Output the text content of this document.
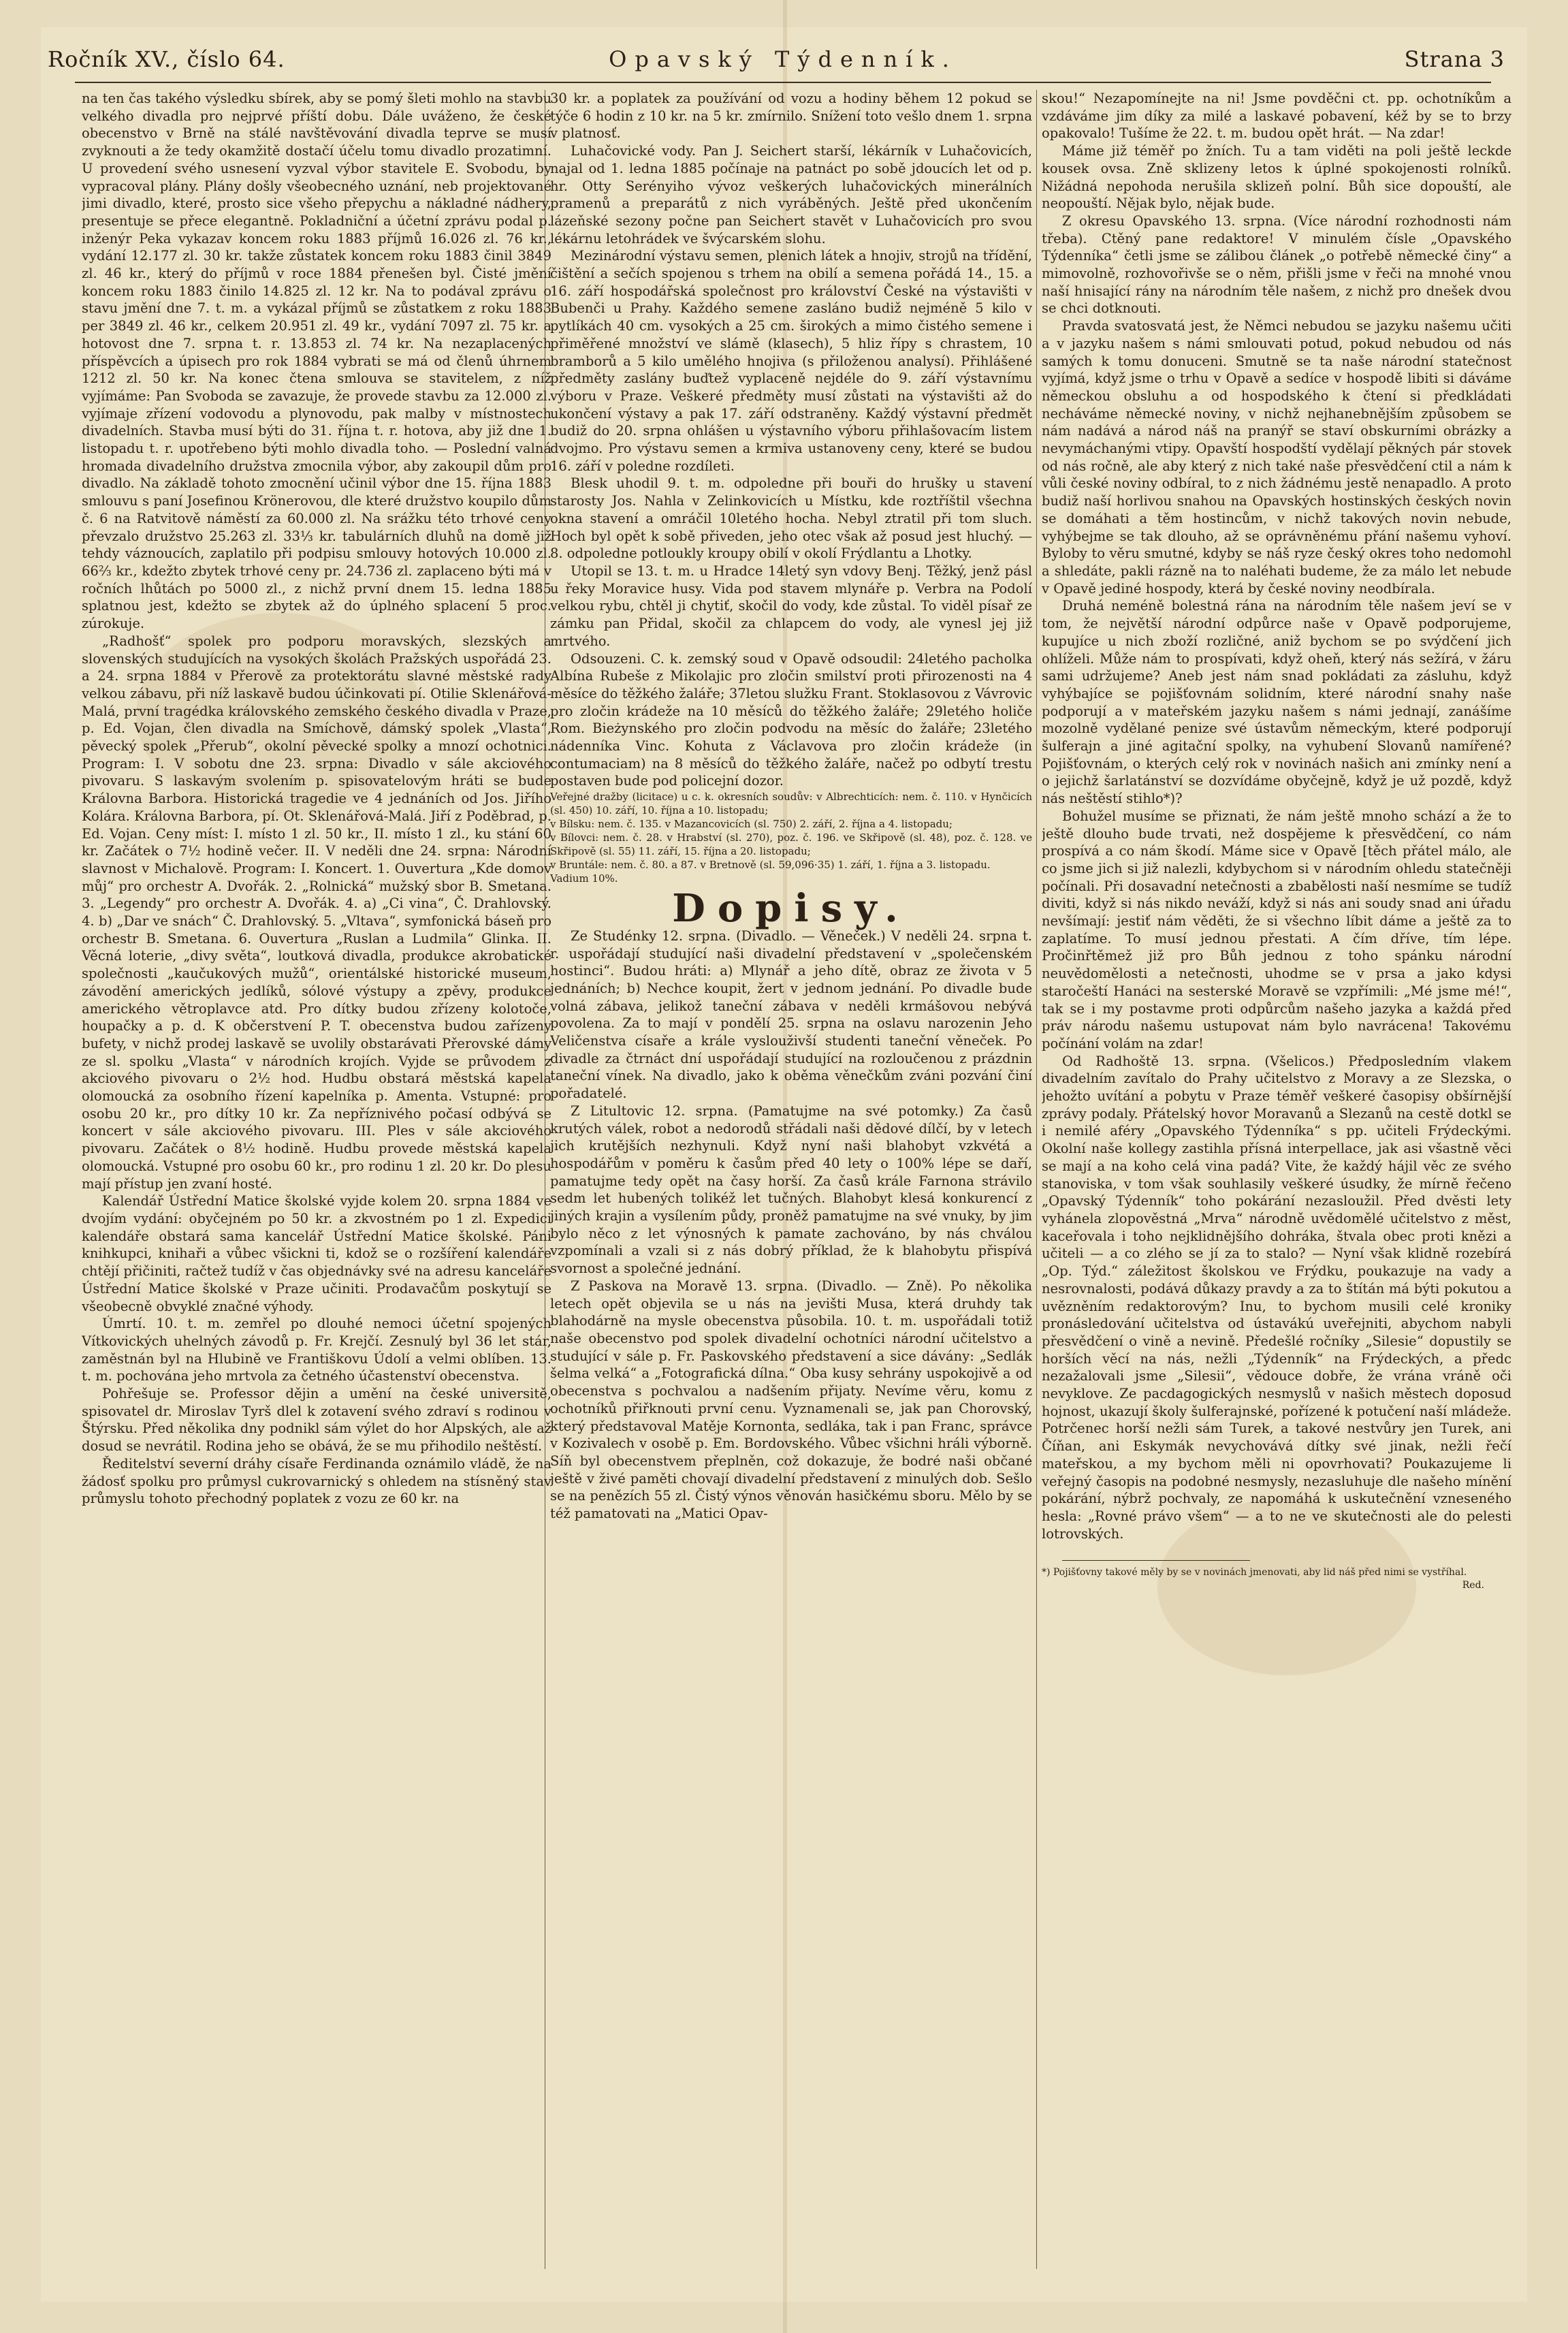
Ročník XV., číslo 64.	Opavský Týdenník.	Strana 3

na ten čas takého výsledku sbírek, aby se pomý šleti mohlo na stavbu velkého divadla pro nejprvé příští dobu. Dále uváženo, že české obecenstvo v Brně na stálé navštěvování divadla teprve se musí zvyknouti a že tedy okamžitě dostačí účelu tomu divadlo prozatimní. U provedení svého usnesení vyzval výbor stavitele E. Svobodu, by vypracoval plány. Plány došly všeobecného uznání, neb projektované jimi divadlo, které, prosto sice všeho přepychu a nákladné nádhery, presentuje se přece elegantně. Pokladniční a účetní zprávu podal p. inženýr Peka vykazav koncem roku 1883 příjmů 16.026 zl. 76 kr., vydání 12.177 zl. 30 kr. takže zůstatek koncem roku 1883 činil 3849 zl. 46 kr., který do příjmů v roce 1884 přenešen byl. Čisté jmění koncem roku 1883 činilo 14.825 zl. 12 kr. Na to podával zprávu o stavu jmění dne 7. t. m. a vykázal příjmů se zůstatkem z roku 1883 per 3849 zl. 46 kr., celkem 20.951 zl. 49 kr., vydání 7097 zl. 75 kr. a hotovost dne 7. srpna t. r. 13.853 zl. 74 kr. Na nezaplacených příspěvcích a úpisech pro rok 1884 vybrati se má od členů úhrnem 1212 zl. 50 kr. Na konec čtena smlouva se stavitelem, z níž vyjímáme: Pan Svoboda se zavazuje, že provede stavbu za 12.000 zl. vyjímaje zřízení vodovodu a plynovodu, pak malby v místnostech divadelních. Stavba musí býti do 31. října t. r. hotova, aby již dne 1. listopadu t. r. upotřebeno býti mohlo divadla toho. — Poslední valná hromada divadelního družstva zmocnila výbor, aby zakoupil dům pro divadlo. Na základě tohoto zmocnění učinil výbor dne 15. října 1883 smlouvu s paní Josefinou Krönerovou, dle které družstvo koupilo dům č. 6 na Ratvitově náměstí za 60.000 zl. Na srážku této trhové ceny převzalo družstvo 25.263 zl. 33⅓ kr. tabulárních dluhů na domě již tehdy váznoucích, zaplatilo při podpisu smlouvy hotových 10.000 zl. 66⅔ kr., kdežto zbytek trhové ceny pr. 24.736 zl. zaplaceno býti má v ročních lhůtách po 5000 zl., z nichž první dnem 15. ledna 1885 splatnou jest, kdežto se zbytek až do úplného splacení 5 proc. zúrokuje.

„Radhošť“ spolek pro podporu moravských, slezských a slovenských studujících na vysokých školách Pražských uspořádá 23. a 24. srpna 1884 v Přerově za protektorátu slavné městské rady velkou zábavu, při níž laskavě budou účinkovati pí. Otilie Sklenářová-Malá, první tragédka královského zemského českého divadla v Praze, p. Ed. Vojan, člen divadla na Smíchově, dámský spolek „Vlasta“, pěvecký spolek „Přerub“, okolní pěvecké spolky a mnozí ochotnici. Program: I. V sobotu dne 23. srpna: Divadlo v sále akciového pivovaru. S laskavým svolením p. spisovatelovým hráti se bude Královna Barbora. Historická tragedie ve 4 jednáních od Jos. Jiřího Kolára. Královna Barbora, pí. Ot. Sklenářová-Malá. Jiří z Poděbrad, p. Ed. Vojan. Ceny míst: I. místo 1 zl. 50 kr., II. místo 1 zl., ku stání 60 kr. Začátek o 7½ hodině večer. II. V neděli dne 24. srpna: Národní slavnost v Michalově. Program: I. Koncert. 1. Ouvertura „Kde domov můj“ pro orchestr A. Dvořák. 2. „Rolnická“ mužský sbor B. Smetana. 3. „Legendy“ pro orchestr A. Dvořák. 4. a) „Ci vina“, Č. Drahlovský. 4. b) „Dar ve snách“ Č. Drahlovský. 5. „Vltava“, symfonická báseň pro orchestr B. Smetana. 6. Ouvertura „Ruslan a Ludmila“ Glinka. II. Věcná loterie, „divy světa“, loutková divadla, produkce akrobatické společnosti „kaučukových mužů“, orientálské historické museum, závodění amerických jedlíků, sólové výstupy a zpěvy, produkce amerického větroplavce atd. Pro dítky budou zřízeny kolotoče, houpačky a p. d. K občerstvení P. T. obecenstva budou zařízeny bufety, v nichž prodej laskavě se uvolily obstarávati Přerovské dámy ze sl. spolku „Vlasta“ v národních krojích. Vyjde se průvodem z akciového pivovaru o 2½ hod. Hudbu obstará městská kapela olomoucká za osobního řízení kapelníka p. Amenta. Vstupné: pro osobu 20 kr., pro dítky 10 kr. Za nepříznivého počasí odbývá se koncert v sále akciového pivovaru. III. Ples v sále akciového pivovaru. Začátek o 8½ hodině. Hudbu provede městská kapela olomoucká. Vstupné pro osobu 60 kr., pro rodinu 1 zl. 20 kr. Do plesu mají přístup jen zvaní hosté.

Kalendář Ústřední Matice školské vyjde kolem 20. srpna 1884 ve dvojím vydání: obyčejném po 50 kr. a zkvostném po 1 zl. Expedici kalendáře obstará sama kancelář Ústřední Matice školské. Páni knihkupci, knihaři a vůbec všickni ti, kdož se o rozšíření kalendáře chtějí přičiniti, račtež tudíž v čas objednávky své na adresu kanceláře Ústřední Matice školské v Praze učiniti. Prodavačům poskytují se všeobecně obvyklé značné výhody.

Úmrtí. 10. t. m. zemřel po dlouhé nemoci účetní spojených Vítkovických uhelných závodů p. Fr. Krejčí. Zesnulý byl 36 let stár, zaměstnán byl na Hlubině ve Františkovu Údolí a velmi oblíben. 13. t. m. pochována jeho mrtvola za četného účastenství obecenstva.

Pohřešuje se. Professor dějin a umění na české universitě, spisovatel dr. Miroslav Tyrš dlel k zotavení svého zdraví s rodinou v Štýrsku. Před několika dny podnikl sám výlet do hor Alpských, ale až dosud se nevrátil. Rodina jeho se obává, že se mu přihodilo neštěstí.

Ředitelství severní dráhy císaře Ferdinanda oznámilo vládě, že na žádosť spolku pro průmysl cukrovarnický s ohledem na stísněný stav průmyslu tohoto přechodný poplatek z vozu ze 60 kr. na

30 kr. a poplatek za používání od vozu a hodiny během 12 pokud se týče 6 hodin z 10 kr. na 5 kr. zmírnilo. Snížení toto vešlo dnem 1. srpna v platnosť.

Luhačovické vody. Pan J. Seichert starší, lékárník v Luhačovicích, najal od 1. ledna 1885 počínaje na patnáct po sobě jdoucích let od p. hr. Otty Serényiho vývoz veškerých luhačovických minerálních pramenů a preparátů z nich vyráběných. Ještě před ukončením lázeňské sezony počne pan Seichert stavět v Luhačovicích pro svou lékárnu letohrádek ve švýcarském slohu.

Mezinárodní výstavu semen, plenich látek a hnojiv, strojů na třídění, čištění a sečích spojenou s trhem na obilí a semena pořádá 14., 15. a 16. září hospodářská společnost pro království České na výstavišti v Bubenči u Prahy. Každého semene zasláno budiž nejméně 5 kilo v pytlíkách 40 cm. vysokých a 25 cm. širokých a mimo čistého semene i přiměřené množství ve slámě (klasech), 5 hliz řípy s chrastem, 10 bramborů a 5 kilo umělého hnojiva (s přiloženou analysí). Přihlášené předměty zaslány buďtež vyplaceně nejdéle do 9. září výstavnímu výboru v Praze. Veškeré předměty musí zůstati na výstavišti až do ukončení výstavy a pak 17. září odstraněny. Každý výstavní předmět budiž do 20. srpna ohlášen u výstavního výboru přihlašovacím listem dvojmo. Pro výstavu semen a krmiva ustanoveny ceny, které se budou 16. září v poledne rozdíleti.

Blesk uhodil 9. t. m. odpoledne při bouři do hrušky u stavení starosty Jos. Nahla v Zelinkovicích u Místku, kde roztříštil všechna okna stavení a omráčil 10letého hocha. Nebyl ztratil při tom sluch. Hoch byl opět k sobě přiveden, jeho otec však až posud jest hluchý. — 8. odpoledne potloukly kroupy obilí v okolí Frýdlantu a Lhotky.

Utopil se 13. t. m. u Hradce 14letý syn vdovy Benj. Těžký, jenž pásl u řeky Moravice husy. Vida pod stavem mlynáře p. Verbra na Podolí velkou rybu, chtěl ji chytiť, skočil do vody, kde zůstal. To viděl písař ze zámku pan Přidal, skočil za chlapcem do vody, ale vynesl jej již mrtvého.

Odsouzeni. C. k. zemský soud v Opavě odsoudil: 24letého pacholka Albína Rubeše z Mikolajic pro zločin smilství proti přirozenosti na 4 měsíce do těžkého žaláře; 37letou služku Frant. Stoklasovou z Vávrovic pro zločin krádeže na 10 měsíců do těžkého žaláře; 29letého holiče Rom. Bieżynského pro zločin podvodu na měsíc do žaláře; 23letého nádenníka Vinc. Kohuta z Václavova pro zločin krádeže (in contumaciam) na 8 měsíců do těžkého žaláře, načež po odbytí trestu postaven bude pod policejní dozor.

Veřejné dražby (licitace) u c. k. okresních soudův: v Albrechticích: nem. č. 110. v Hynčicích (sl. 450) 10. září, 10. října a 10. listopadu;

v Bílsku: nem. č. 135. v Mazancovicích (sl. 750) 2. září, 2. října a 4. listopadu;

v Bílovci: nem. č. 28. v Hrabství (sl. 270), poz. č. 196. ve Skřipově (sl. 48), poz. č. 128. ve Skřipově (sl. 55) 11. září, 15. října a 20. listopadu;

v Bruntále: nem. č. 80. a 87. v Bretnově (sl. 59,096·35) 1. září, 1. října a 3. listopadu.

Vadium 10%.

Dopisy.

Ze Studénky 12. srpna. (Divadlo. — Věneček.) V neděli 24. srpna t. r. uspořádají studující naši divadelní představení v „společenském hostinci“. Budou hráti: a) Mlynář a jeho dítě, obraz ze života v 5 jednáních; b) Nechce koupit, žert v jednom jednání. Po divadle bude volná zábava, jelikož taneční zábava v neděli krmášovou nebývá povolena. Za to mají v pondělí 25. srpna na oslavu narozenin Jeho Veličenstva císaře a krále vyslouživší studenti taneční věneček. Po divadle za čtrnáct dní uspořádají studující na rozloučenou z prázdnin taneční vínek. Na divadlo, jako k oběma věnečkům zváni pozvání činí pořadatelé.

Z Litultovic 12. srpna. (Pamatujme na své potomky.) Za časů krutých válek, robot a nedorodů střádali naši dědové dílčí, by v letech jich krutějších nezhynuli. Když nyní naši blahobyt vzkvétá a hospodářům v poměru k časům před 40 lety o 100% lépe se daří, pamatujme tedy opět na časy horší. Za časů krále Farnona strávilo sedm let hubených tolikéž let tučných. Blahobyt klesá konkurencí z jiných krajin a vysílením půdy, proněž pamatujme na své vnuky, by jim bylo něco z let výnosných k pamate zachováno, by nás chválou vzpomínali a vzali si z nás dobrý příklad, že k blahobytu přispívá svornost a společné jednání.

Z Paskova na Moravě 13. srpna. (Divadlo. — Zně). Po několika letech opět objevila se u nás na jevišti Musa, která druhdy tak blahodárně na mysle obecenstva působila. 10. t. m. uspořádali totiž naše obecenstvo pod spolek divadelní ochotníci národní učitelstvo a studující v sále p. Fr. Paskovského představení a sice dávány: „Sedlák šelma velká“ a „Fotografická dílna.“ Oba kusy sehrány uspokojivě a od obecenstva s pochvalou a nadšením přijaty. Nevíme věru, komu z ochotníků přiřknouti první cenu. Vyznamenali se, jak pan Chorovský, který představoval Matěje Kornonta, sedláka, tak i pan Franc, správce v Kozivalech v osobě p. Em. Bordovského. Vůbec všichni hráli výborně. Síň byl obecenstvem přeplněn, což dokazuje, že bodré naši občané ještě v živé paměti chovají divadelní představení z minulých dob. Sešlo se na penězích 55 zl. Čistý výnos věnován hasičkému sboru. Mělo by se též pamatovati na „Matici Opav-

skou!“ Nezapomínejte na ni! Jsme povděčni ct. pp. ochotníkům a vzdáváme jim díky za milé a laskavé pobavení, kéž by se to brzy opakovalo! Tušíme že 22. t. m. budou opět hrát. — Na zdar!

Máme již téměř po žních. Tu a tam viděti na poli ještě leckde kousek ovsa. Zně sklizeny letos k úplné spokojenosti rolníků. Nižádná nepohoda nerušila sklizeň polní. Bůh sice dopouští, ale neopouští. Nějak bylo, nějak bude.

Z okresu Opavského 13. srpna. (Více národní rozhodnosti nám třeba). Ctěný pane redaktore! V minulém čísle „Opavského Týdenníka“ četli jsme se zálibou článek „o potřebě německé činy“ a mimovolně, rozhovořivše se o něm, přišli jsme v řeči na mnohé vnou naší hnisající rány na národním těle našem, z nichž pro dnešek dvou se chci dotknouti.

Pravda svatosvatá jest, že Němci nebudou se jazyku našemu učiti a v jazyku našem s námi smlouvati potud, pokud nebudou od nás samých k tomu donuceni. Smutně se ta naše národní statečnost vyjímá, když jsme o trhu v Opavě a sedíce v hospodě libiti si dáváme německou obsluhu a od hospodského k čtení si předkládati necháváme německé noviny, v nichž nejhanebnějším způsobem se nám nadává a národ náš na pranýř se staví obskurními obrázky a nevymáchanými vtipy. Opavští hospodští vydělají pěkných pár stovek od nás ročně, ale aby který z nich také naše přesvědčení ctil a nám k vůli české noviny odbíral, to z nich žádnému jestě nenapadlo. A proto budiž naší horlivou snahou na Opavských hostinských českých novin se domáhati a těm hostincům, v nichž takových novin nebude, vyhýbejme se tak dlouho, až se oprávněnému přání našemu vyhoví. Byloby to věru smutné, kdyby se náš ryze český okres toho nedomohl a shledáte, pakli rázně na to naléhati budeme, že za málo let nebude v Opavě jediné hospody, která by české noviny neodbírala.

Druhá neméně bolestná rána na národním těle našem jeví se v tom, že největší národní odpůrce naše v Opavě podporujeme, kupujíce u nich zboží rozličné, aniž bychom se po svýdčení jich ohlíželi. Může nám to prospívati, když oheň, který nás sežírá, v žáru sami udržujeme? Aneb jest nám snad pokládati za zásluhu, když vyhýbajíce se pojišťovnám solidním, které národní snahy naše podporují a v mateřském jazyku našem s námi jednají, zanášíme mozolně vydělané penize své ústavům německým, které podporují šulferajn a jiné agitační spolky, na vyhubení Slovanů namířené? Pojišťovnám, o kterých celý rok v novinách našich ani zmínky není a o jejichž šarlatánství se dozvídáme obyčejně, když je už pozdě, když nás neštěstí stihlo*)?

Bohužel musíme se přiznati, že nám ještě mnoho schází a že to ještě dlouho bude trvati, než dospějeme k přesvědčení, co nám prospívá a co nám škodí. Máme sice v Opavě [těch přátel málo, ale co jsme jich si již nalezli, kdybychom si v národním ohledu statečněji počínali. Při dosavadní netečnosti a zbabělosti naší nesmíme se tudíž diviti, když si nás nikdo neváží, když si nás ani soudy snad ani úřadu nevšímají: jestiť nám věděti, že si všechno líbit dáme a ještě za to zaplatíme. To musí jednou přestati. A čím dříve, tím lépe. Pročinřtěmež již pro Bůh jednou z toho spánku národní neuvědomělosti a netečnosti, uhodme se v prsa a jako kdysi staročeští Hanáci na sesterské Moravě se vzpřímili: „Mé jsme mé!“, tak se i my postavme proti odpůrcům našeho jazyka a každá před práv národu našemu ustupovat nám bylo navrácena! Takovému počínání volám na zdar!

Od Radhoště 13. srpna. (Všelicos.) Předposledním vlakem divadelním zavítalo do Prahy učitelstvo z Moravy a ze Slezska, o jehožto uvítání a pobytu v Praze téměř veškeré časopisy obšírnější zprávy podaly. Přátelský hovor Moravanů a Slezanů na cestě dotkl se i nemilé aféry „Opavského Týdenníka“ s pp. učiteli Frýdeckými. Okolní naše kollegy zastihla přísná interpellace, jak asi všastně věci se mají a na koho celá vina padá? Vite, že každý hájil věc ze svého stanoviska, v tom však souhlasily veškeré úsudky, že mírně řečeno „Opavský Týdenník“ toho pokárání nezasloužil. Před dvěsti lety vyhánela zlopověstná „Mrva“ národně uvědomělé učitelstvo z měst, kaceřovala i toho nejklidnějšího dohráka, štvala obec proti knězi a učiteli — a co zlého se jí za to stalo? — Nyní však klidně rozebírá „Op. Týd.“ záležitost školskou ve Frýdku, poukazuje na vady a nesrovnalosti, podává důkazy pravdy a za to štítán má býti pokutou a uvězněním redaktorovým? Inu, to bychom musili celé kroniky pronásledování učitelstva od ústavákú uveřejniti, abychom nabyli přesvědčení o vině a nevině. Předešlé ročníky „Silesie“ dopustily se horších věcí na nás, nežli „Týdenník“ na Frýdeckých, a předc nezažalovali jsme „Silesii“, vědouce dobře, že vrána vráně oči nevyklove. Ze pacdagogických nesmyslů v našich městech doposud hojnost, ukazují školy šulferajnské, pořízené k potučení naší mládeže. Potrčenec horší nežli sám Turek, a takové nestvůry jen Turek, ani Číňan, ani Eskymák nevychovává dítky své jinak, nežli řečí mateřskou, a my bychom měli ni opovrhovati? Poukazujeme li veřejný časopis na podobné nesmysly, nezasluhuje dle našeho mínění pokárání, nýbrž pochvaly, ze napomáhá k uskutečnění vzneseného hesla: „Rovné právo všem“ — a to ne ve skutečnosti ale do pelesti lotrovských.

*) Pojišťovny takové měly by se v novinách jmenovati, aby lid náš před nimi se vystříhal.
Red.
